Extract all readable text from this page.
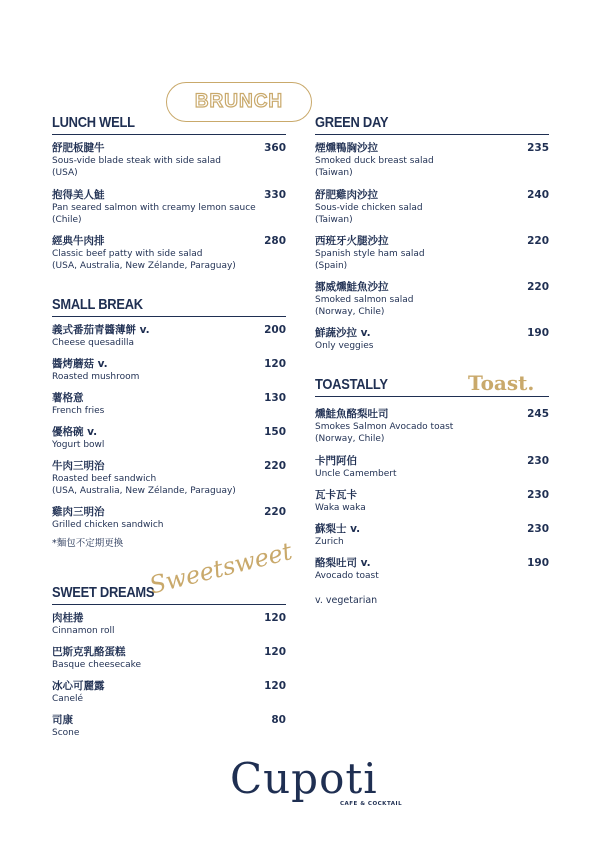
BRUNCH
Sweetsweet
Toast.
LUNCH WELL
舒肥板腱牛
Sous-vide blade steak with side salad
(USA)
360
抱得美人鮭
Pan seared salmon with creamy lemon sauce
(Chile)
330
經典牛肉排
Classic beef patty with side salad
(USA, Australia, New Zélande, Paraguay)
280
SMALL BREAK
義式番茄青醬薄餅 v.
Cheese quesadilla
200
醬烤蘑菇 v.
Roasted mushroom
120
薯格意
French fries
130
優格碗 v.
Yogurt bowl
150
牛肉三明治
Roasted beef sandwich
(USA, Australia, New Zélande, Paraguay)
220
雞肉三明治
Grilled chicken sandwich
220
*麵包不定期更換
SWEET DREAMS
肉桂捲
Cinnamon roll
120
巴斯克乳酪蛋糕
Basque cheesecake
120
冰心可麗露
Canelé
120
司康
Scone
80
GREEN DAY
煙燻鴨胸沙拉
Smoked duck breast salad
(Taiwan)
235
舒肥雞肉沙拉
Sous-vide chicken salad
(Taiwan)
240
西班牙火腿沙拉
Spanish style ham salad
(Spain)
220
挪威燻鮭魚沙拉
Smoked salmon salad
(Norway, Chile)
220
鮮蔬沙拉 v.
Only veggies
190
TOASTALLY
燻鮭魚酪梨吐司
Smokes Salmon Avocado toast
(Norway, Chile)
245
卡門阿伯
Uncle Camembert
230
瓦卡瓦卡
Waka waka
230
蘇梨士 v.
Zurich
230
酪梨吐司 v.
Avocado toast
190
v. vegetarian
Cupoti
CAFE & COCKTAIL
